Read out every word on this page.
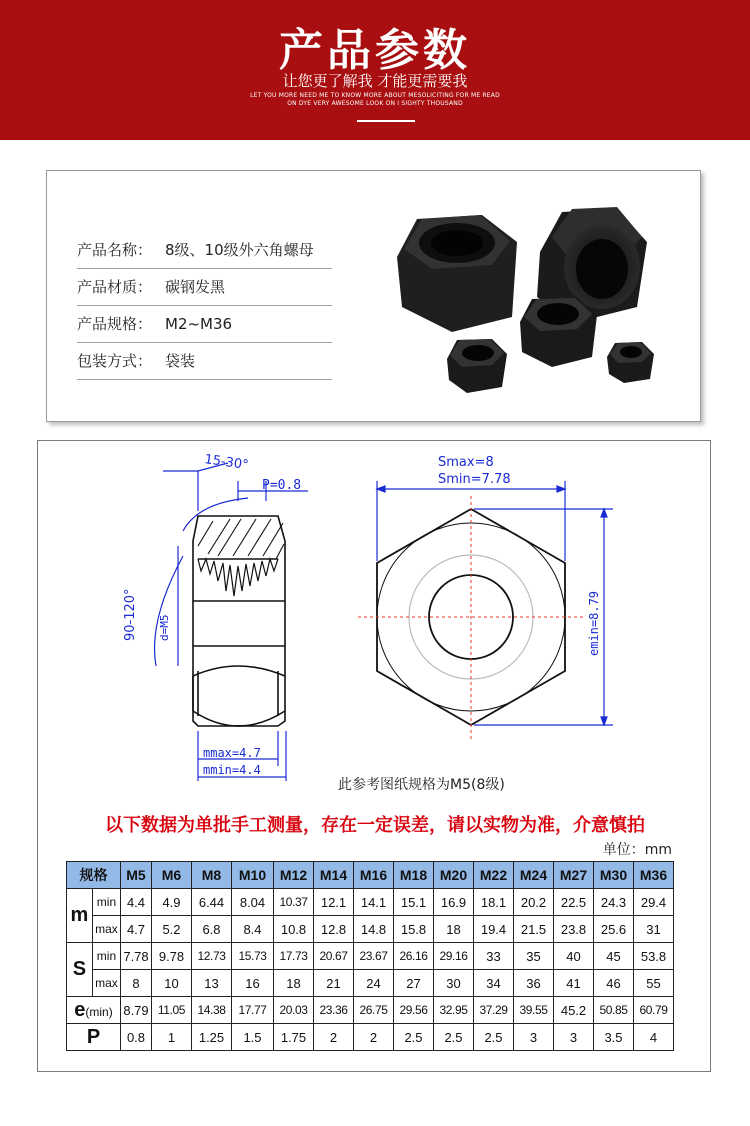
产品参数
让您更了解我 才能更需要我
LET YOU MORE NEED ME TO KNOW MORE ABOUT MESOLICITING FOR ME READ
ON DYE VERY AWESOME LOOK ON I SIGHTY THOUSAND
产品名称： 8级、10级外六角螺母
产品材质： 碳钢发黑
产品规格： M2~M36
包装方式： 袋装
15-30°
90-120°
P=0.8
d=M5
mmax=4.7
mmin=4.4
Smax=8
Smin=7.78
emin=8.79
此参考图纸规格为M5(8级)
以下数据为单批手工测量，存在一定误差，请以实物为准，介意慎拍
单位：mm
规格		M5	M6	M8	M10	M12	M14	M16	M18	M20	M22	M24	M27	M30	M36
m	min	4.4	4.9	6.44	8.04	10.37	12.1	14.1	15.1	16.9	18.1	20.2	22.5	24.3	29.4
	max	4.7	5.2	6.8	8.4	10.8	12.8	14.8	15.8	18	19.4	21.5	23.8	25.6	31
S	min	7.78	9.78	12.73	15.73	17.73	20.67	23.67	26.16	29.16	33	35	40	45	53.8
	max	8	10	13	16	18	21	24	27	30	34	36	41	46	55
e(min)		8.79	11.05	14.38	17.77	20.03	23.36	26.75	29.56	32.95	37.29	39.55	45.2	50.85	60.79
P		0.8	1	1.25	1.5	1.75	2	2	2.5	2.5	2.5	3	3	3.5	4
